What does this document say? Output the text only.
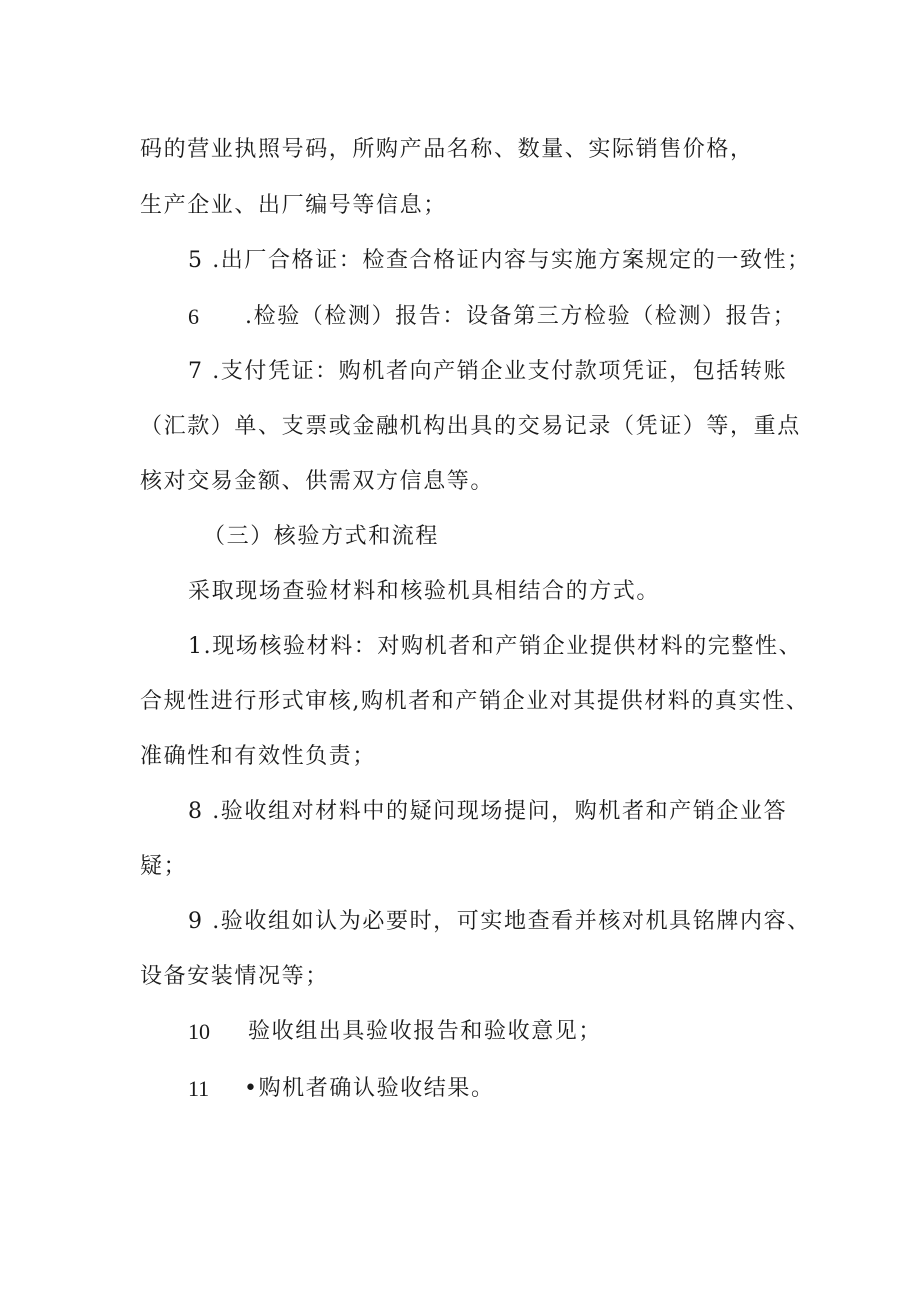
码的营业执照号码，所购产品名称、数量、实际销售价格，
生产企业、出厂编号等信息；
5 .出厂合格证：检查合格证内容与实施方案规定的一致性；
6 .检验（检测）报告：设备第三方检验（检测）报告；
7 .支付凭证：购机者向产销企业支付款项凭证，包括转账
（汇款）单、支票或金融机构出具的交易记录（凭证）等，重点
核对交易金额、供需双方信息等。
（三）核验方式和流程
采取现场查验材料和核验机具相结合的方式。
1.现场核验材料：对购机者和产销企业提供材料的完整性、
合规性进行形式审核,购机者和产销企业对其提供材料的真实性、
准确性和有效性负责；
8 .验收组对材料中的疑问现场提问，购机者和产销企业答
疑；
9 .验收组如认为必要时，可实地查看并核对机具铭牌内容、
设备安装情况等；
10 验收组出具验收报告和验收意见；
11 •购机者确认验收结果。
